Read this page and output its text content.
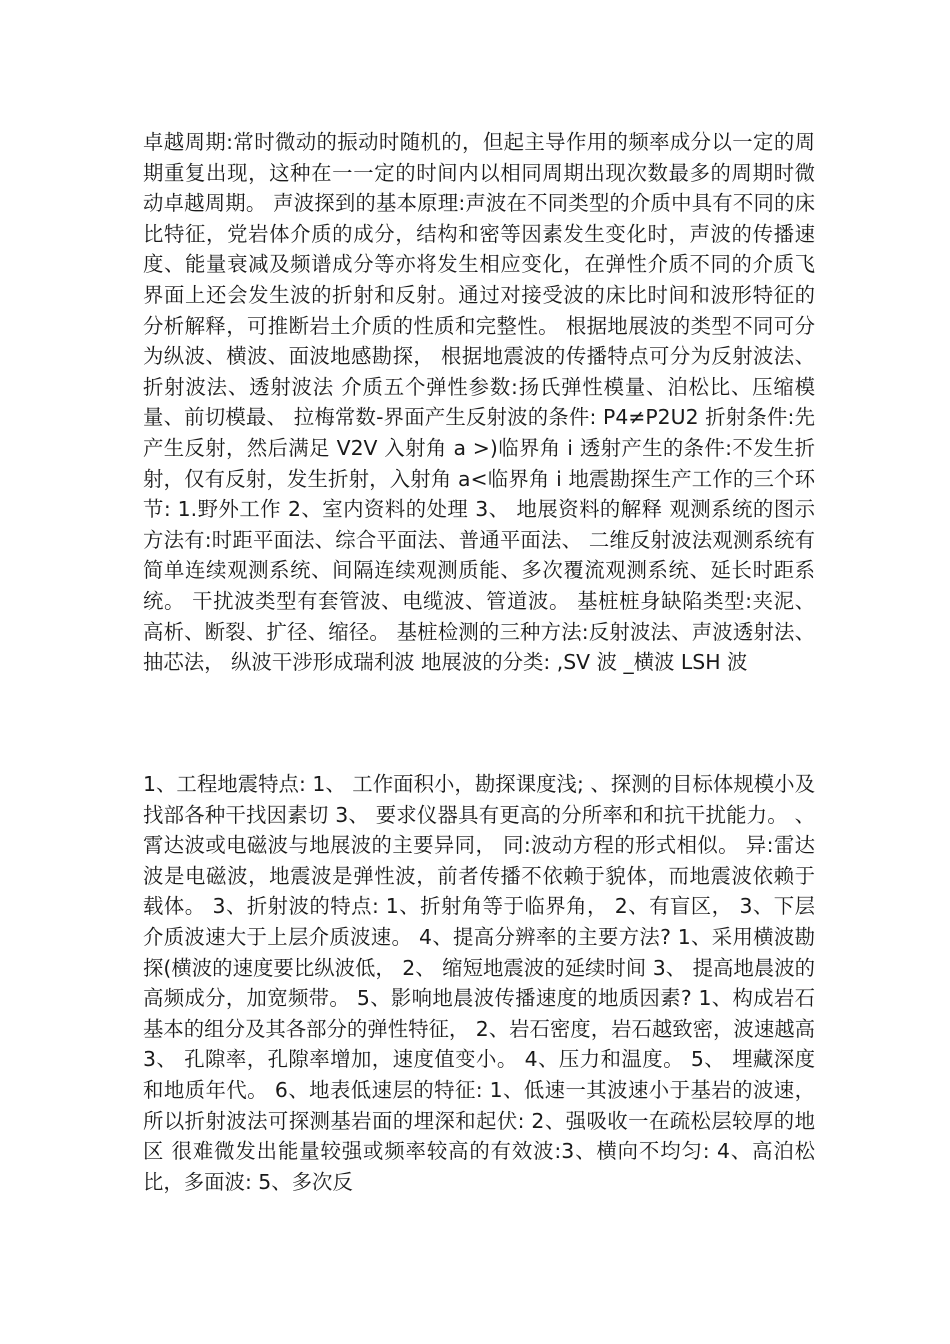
卓越周期:常时微动的振动时随机的，但起主导作用的频率成分以一定的周期重复出现，这种在一一定的时间内以相同周期出现次数最多的周期时微动卓越周期。 声波探到的基本原理:声波在不同类型的介质中具有不同的床比特征，党岩体介质的成分，结构和密等因素发生变化时，声波的传播速度、能量衰减及频谱成分等亦将发生相应变化，在弹性介质不同的介质飞界面上还会发生波的折射和反射。通过对接受波的床比时间和波形特征的分析解释，可推断岩土介质的性质和完整性。 根据地展波的类型不同可分为纵波、横波、面波地感勘探， 根据地震波的传播特点可分为反射波法、折射波法、透射波法 介质五个弹性参数:扬氏弹性模量、泊松比、压缩模量、前切模最、 拉梅常数-界面产生反射波的条件: P4≠P2U2 折射条件:先产生反射，然后满足 V2V 入射角 a >)临界角 i 透射产生的条件:不发生折射，仅有反射，发生折射，入射角 a<临界角 i 地震勘探生产工作的三个环节: 1.野外工作 2、室内资料的处理 3、 地展资料的解释 观测系统的图示方法有:时距平面法、综合平面法、普通平面法、 二维反射波法观测系统有简单连续观测系统、间隔连续观测质能、多次覆流观测系统、延长时距系统。 干扰波类型有套管波、电缆波、管道波。 基桩桩身缺陷类型:夹泥、高析、断裂、扩径、缩径。 基桩检测的三种方法:反射波法、声波透射法、抽芯法， 纵波干涉形成瑞利波 地展波的分类: ,SV 波 _横波 LSH 波

1、工程地震特点: 1、 工作面积小，勘探课度浅; 、探测的目标体规模小及找部各种干找因素切 3、 要求仪器具有更高的分所率和和抗干扰能力。 、霄达波或电磁波与地展波的主要异同， 同:波动方程的形式相似。 异:雷达波是电磁波，地震波是弹性波，前者传播不依赖于貌体，而地震波依赖于载体。 3、折射波的特点: 1、折射角等于临界角， 2、有盲区， 3、下层介质波速大于上层介质波速。 4、提高分辨率的主要方法? 1、采用横波勘探(横波的速度要比纵波低， 2、 缩短地震波的延续时间 3、 提高地晨波的高频成分，加宽频带。 5、影响地晨波传播速度的地质因素? 1、构成岩石基本的组分及其各部分的弹性特征， 2、岩石密度，岩石越致密，波速越高 3、 孔隙率，孔隙率增加，速度值变小。 4、压力和温度。 5、 埋藏深度和地质年代。 6、地表低速层的特征: 1、低速一其波速小于基岩的波速，所以折射波法可探测基岩面的埋深和起伏: 2、强吸收一在疏松层较厚的地区 很难微发出能量较强或频率较高的有效波:3、横向不均匀: 4、高泊松比，多面波: 5、多次反
